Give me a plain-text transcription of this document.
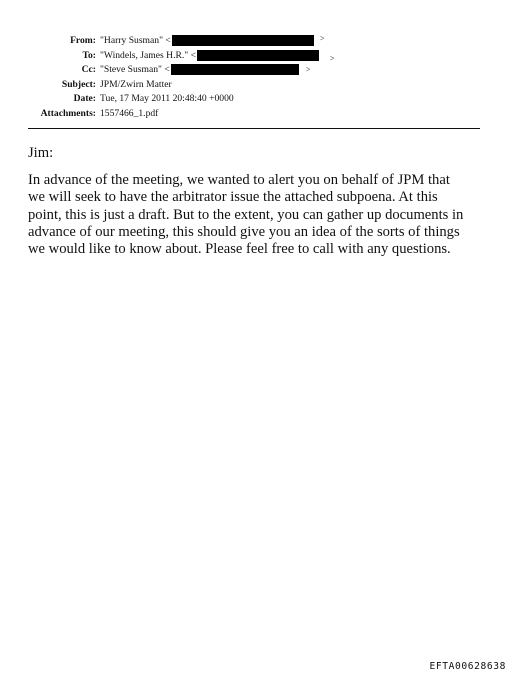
From: "Harry Susman" <	>
To: "Windels, James H.R." <	>
Cc: "Steve Susman" <	>
Subject: JPM/Zwirn Matter
Date: Tue, 17 May 2011 20:48:40 +0000
Attachments: 1557466_1.pdf
Jim:
In advance of the meeting, we wanted to alert you on behalf of JPM that
we will seek to have the arbitrator issue the attached subpoena. At this
point, this is just a draft. But to the extent, you can gather up documents in
advance of our meeting, this should give you an idea of the sorts of things
we would like to know about. Please feel free to call with any questions.
EFTA00628638
